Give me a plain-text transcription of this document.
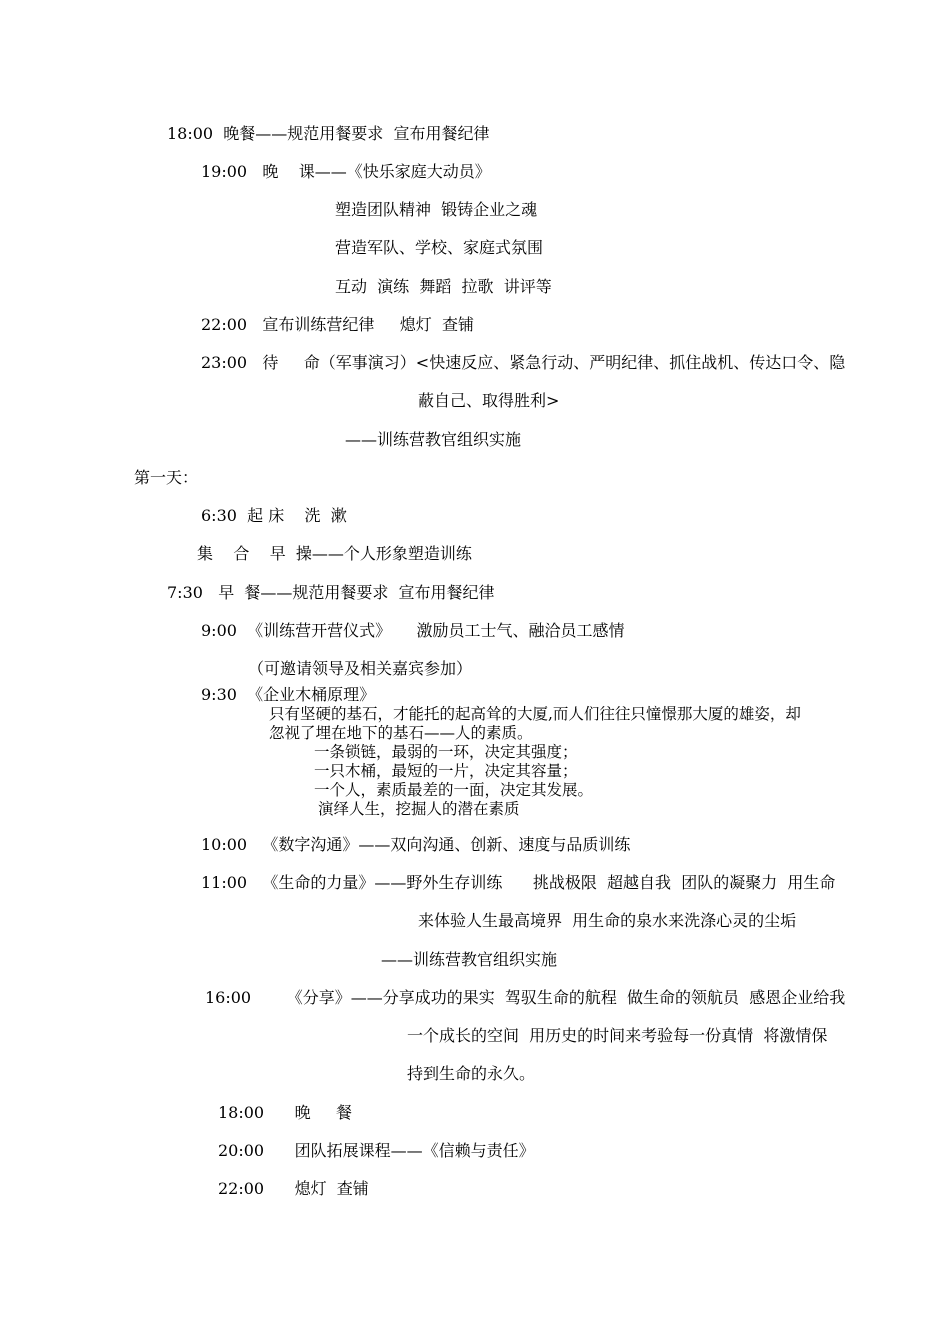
18:00  晚餐——规范用餐要求  宣布用餐纪律
19:00   晚    课——《快乐家庭大动员》
塑造团队精神  锻铸企业之魂
营造军队、学校、家庭式氛围
互动  演练  舞蹈  拉歌  讲评等
22:00   宣布训练营纪律     熄灯  查铺
23:00   待     命（军事演习）<快速反应、紧急行动、严明纪律、抓住战机、传达口令、隐
蔽自己、取得胜利>
——训练营教官组织实施
第一天：
6:30  起 床    洗  漱
集    合    早  操——个人形象塑造训练
7:30   早  餐——规范用餐要求  宣布用餐纪律
9:00  《训练营开营仪式》     激励员工士气、融洽员工感情
（可邀请领导及相关嘉宾参加）
9:30  《企业木桶原理》
只有坚硬的基石，才能托的起高耸的大厦,而人们往往只憧憬那大厦的雄姿，却
忽视了埋在地下的基石——人的素质。
一条锁链，最弱的一环，决定其强度；
一只木桶，最短的一片，决定其容量；
一个人，素质最差的一面，决定其发展。
演绎人生，挖掘人的潜在素质
10:00   《数字沟通》——双向沟通、创新、速度与品质训练
11:00   《生命的力量》——野外生存训练      挑战极限  超越自我  团队的凝聚力  用生命
来体验人生最高境界  用生命的泉水来洗涤心灵的尘垢
——训练营教官组织实施
16:00       《分享》——分享成功的果实  驾驭生命的航程  做生命的领航员  感恩企业给我
一个成长的空间  用历史的时间来考验每一份真情  将激情保
持到生命的永久。
18:00      晚     餐
20:00      团队拓展课程——《信赖与责任》
22:00      熄灯  查铺
